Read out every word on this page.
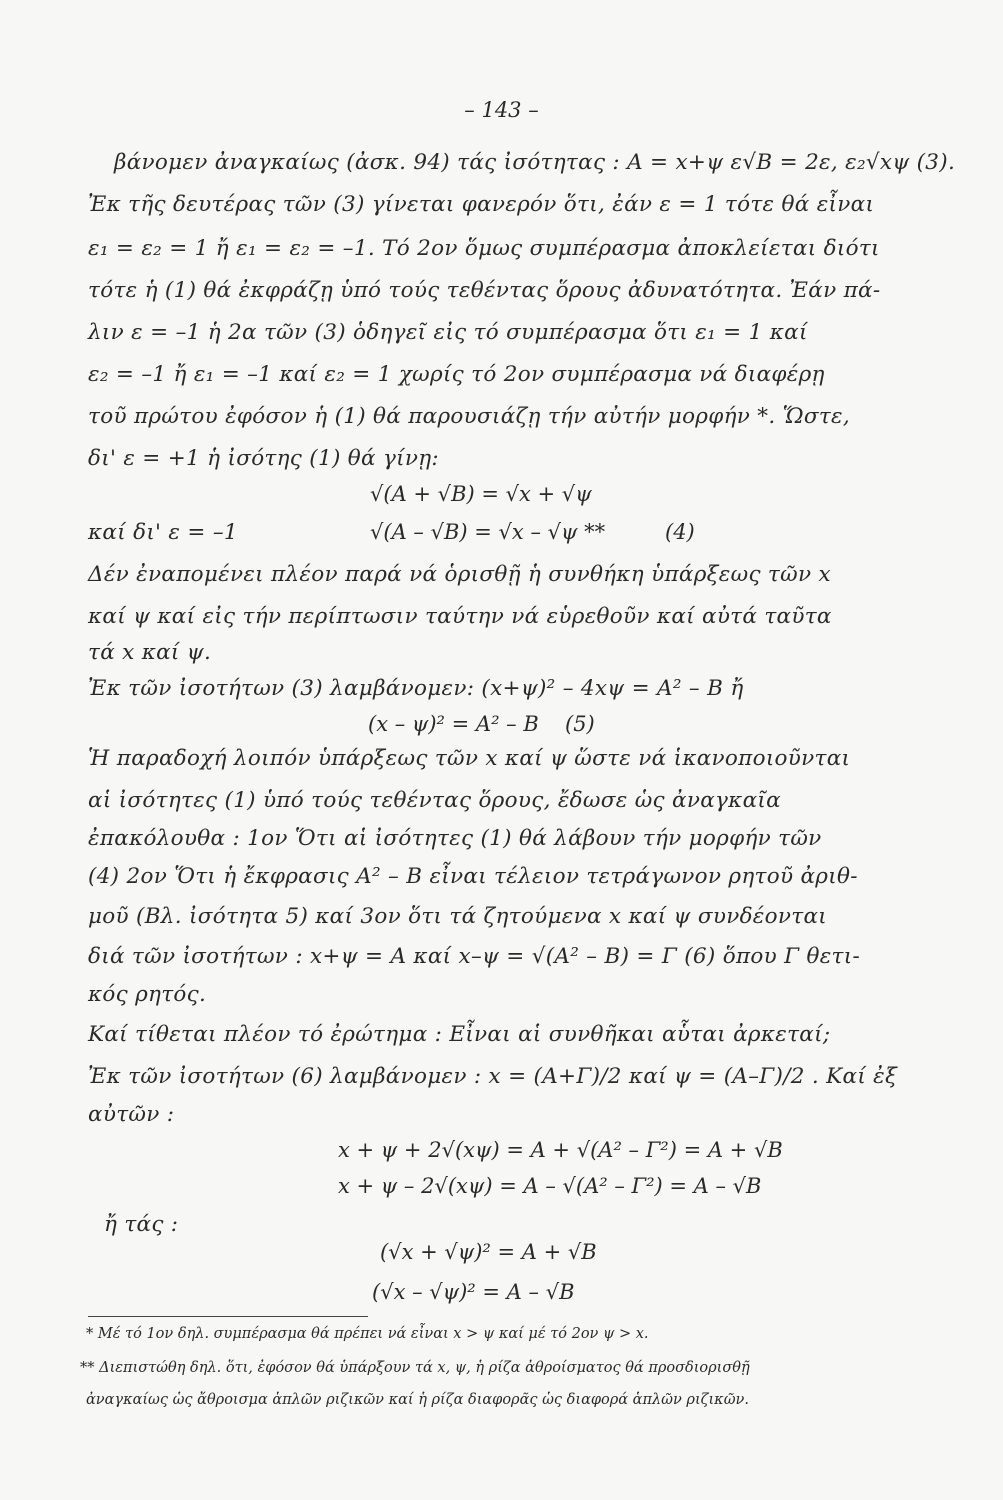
– 143 –
βάνομεν ἀναγκαίως (ἀσκ. 94) τάς ἰσότητας : A = x+ψ ε√B = 2ε, ε₂√xψ (3).
Ἐκ τῆς δευτέρας τῶν (3) γίνεται φανερόν ὅτι, ἐάν ε = 1 τότε θά εἶναι
ε₁ = ε₂ = 1 ἤ ε₁ = ε₂ = –1. Τό 2ον ὅμως συμπέρασμα ἀποκλείεται διότι
τότε ἡ (1) θά ἐκφράζῃ ὑπό τούς τεθέντας ὅρους ἀδυνατότητα. Ἐάν πά-
λιν ε = –1 ἡ 2α τῶν (3) ὁδηγεῖ εἰς τό συμπέρασμα ὅτι ε₁ = 1 καί
ε₂ = –1 ἤ ε₁ = –1 καί ε₂ = 1 χωρίς τό 2ον συμπέρασμα νά διαφέρῃ
τοῦ πρώτου ἐφόσον ἡ (1) θά παρουσιάζῃ τήν αὐτήν μορφήν *. Ὥστε,
δι' ε = +1 ἡ ἰσότης (1) θά γίνῃ:
√(A + √B) = √x + √ψ
καί δι' ε = –1	√(A – √B) = √x – √ψ **	(4)
Δέν ἐναπομένει πλέον παρά νά ὁρισθῇ ἡ συνθήκη ὑπάρξεως τῶν x
καί ψ καί εἰς τήν περίπτωσιν ταύτην νά εὑρεθοῦν καί αὐτά ταῦτα
τά x καί ψ.
Ἐκ τῶν ἰσοτήτων (3) λαμβάνομεν: (x+ψ)² – 4xψ = A² – B ἤ
(x – ψ)² = A² – B (5)
Ἡ παραδοχή λοιπόν ὑπάρξεως τῶν x καί ψ ὥστε νά ἱκανοποιοῦνται
αἱ ἰσότητες (1) ὑπό τούς τεθέντας ὅρους, ἔδωσε ὡς ἀναγκαῖα
ἐπακόλουθα : 1ον Ὅτι αἱ ἰσότητες (1) θά λάβουν τήν μορφήν τῶν
(4) 2ον Ὅτι ἡ ἔκφρασις A² – B εἶναι τέλειον τετράγωνον ρητοῦ ἀριθ-
μοῦ (Βλ. ἰσότητα 5) καί 3ον ὅτι τά ζητούμενα x καί ψ συνδέονται
διά τῶν ἰσοτήτων : x+ψ = A καί x–ψ = √(A² – B) = Γ (6) ὅπου Γ θετι-
κός ρητός.
Καί τίθεται πλέον τό ἐρώτημα : Εἶναι αἱ συνθῆκαι αὗται ἀρκεταί;
Ἐκ τῶν ἰσοτήτων (6) λαμβάνομεν : x = (A+Γ)/2 καί ψ = (A–Γ)/2 . Καί ἐξ
αὐτῶν :
x + ψ + 2√(xψ) = A + √(A² – Γ²) = A + √B
x + ψ – 2√(xψ) = A – √(A² – Γ²) = A – √B
ἤ τάς :
(√x + √ψ)² = A + √B
(√x – √ψ)² = A – √B
* Μέ τό 1ον δηλ. συμπέρασμα θά πρέπει νά εἶναι x > ψ καί μέ τό 2ον ψ > x.
** Διεπιστώθη δηλ. ὅτι, ἐφόσον θά ὑπάρξουν τά x, ψ, ἡ ρίζα ἀθροίσματος θά προσδιορισθῇ
ἀναγκαίως ὡς ἄθροισμα ἁπλῶν ριζικῶν καί ἡ ρίζα διαφορᾶς ὡς διαφορά ἁπλῶν ριζικῶν.
